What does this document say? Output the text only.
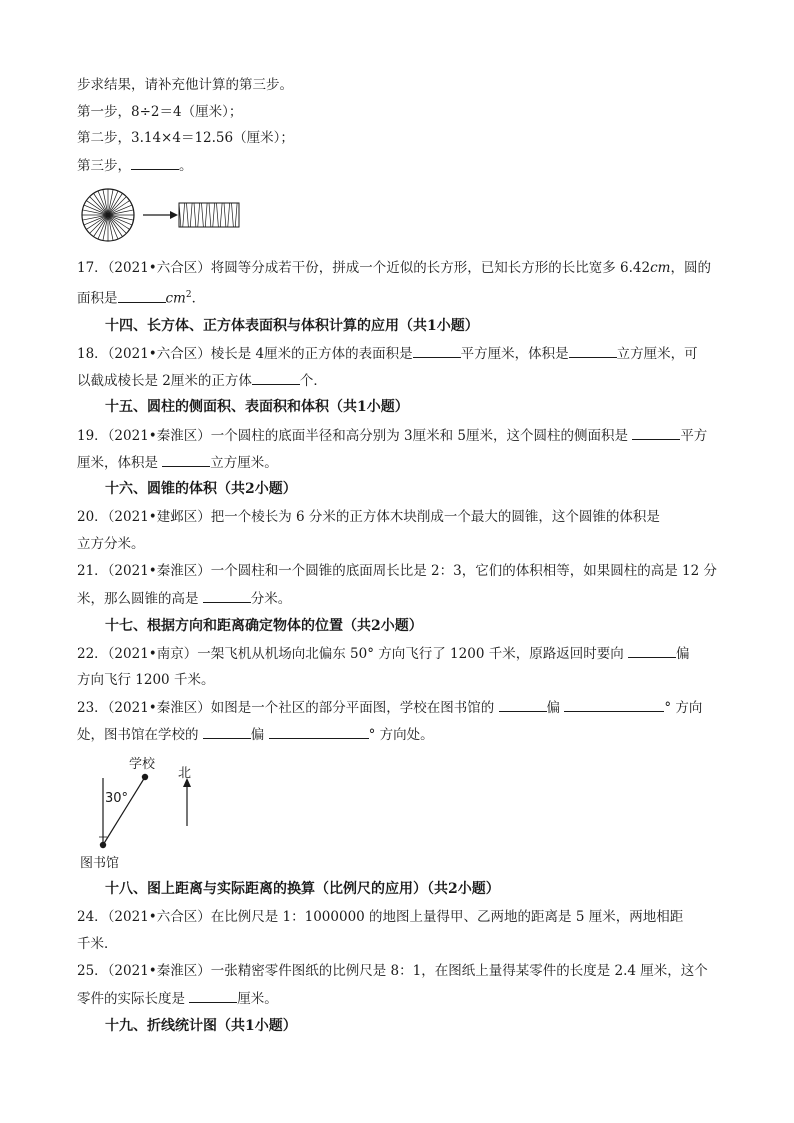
步求结果，请补充他计算的第三步。
第一步，8÷2＝4（厘米）；
第二步，3.14×4＝12.56（厘米）；
第三步，	。
17．（2021•六合区）将圆等分成若干份，拼成一个近似的长方形，已知长方形的长比宽多 6.42cm，圆的
面积是	$cm^2$．
十四、长方体、正方体表面积与体积计算的应用（共1小题）
18．（2021•六合区）棱长是 4厘米的正方体的表面积是	平方厘米，体积是	立方厘米，可
以截成棱长是 2厘米的正方体	个．
十五、圆柱的侧面积、表面积和体积（共1小题）
19．（2021•秦淮区）一个圆柱的底面半径和高分别为 3厘米和 5厘米，这个圆柱的侧面积是	平方
厘米，体积是	立方厘米。
十六、圆锥的体积（共2小题）
20．（2021•建邺区）把一个棱长为 6 分米的正方体木块削成一个最大的圆锥，这个圆锥的体积是
立方分米。
21．（2021•秦淮区）一个圆柱和一个圆锥的底面周长比是 2：3，它们的体积相等，如果圆柱的高是 12 分
米，那么圆锥的高是	分米。
十七、根据方向和距离确定物体的位置（共2小题）
22．（2021•南京）一架飞机从机场向北偏东 50° 方向飞行了 1200 千米，原路返回时要向	偏
方向飞行 1200 千米。
23．（2021•秦淮区）如图是一个社区的部分平面图，学校在图书馆的	偏	° 方向
处，图书馆在学校的	偏	° 方向处。
学校
北
30°
图书馆
十八、图上距离与实际距离的换算（比例尺的应用）（共2小题）
24．（2021•六合区）在比例尺是 1：1000000 的地图上量得甲、乙两地的距离是 5 厘米，两地相距
千米．
25．（2021•秦淮区）一张精密零件图纸的比例尺是 8：1，在图纸上量得某零件的长度是 2.4 厘米，这个
零件的实际长度是	厘米。
十九、折线统计图（共1小题）
